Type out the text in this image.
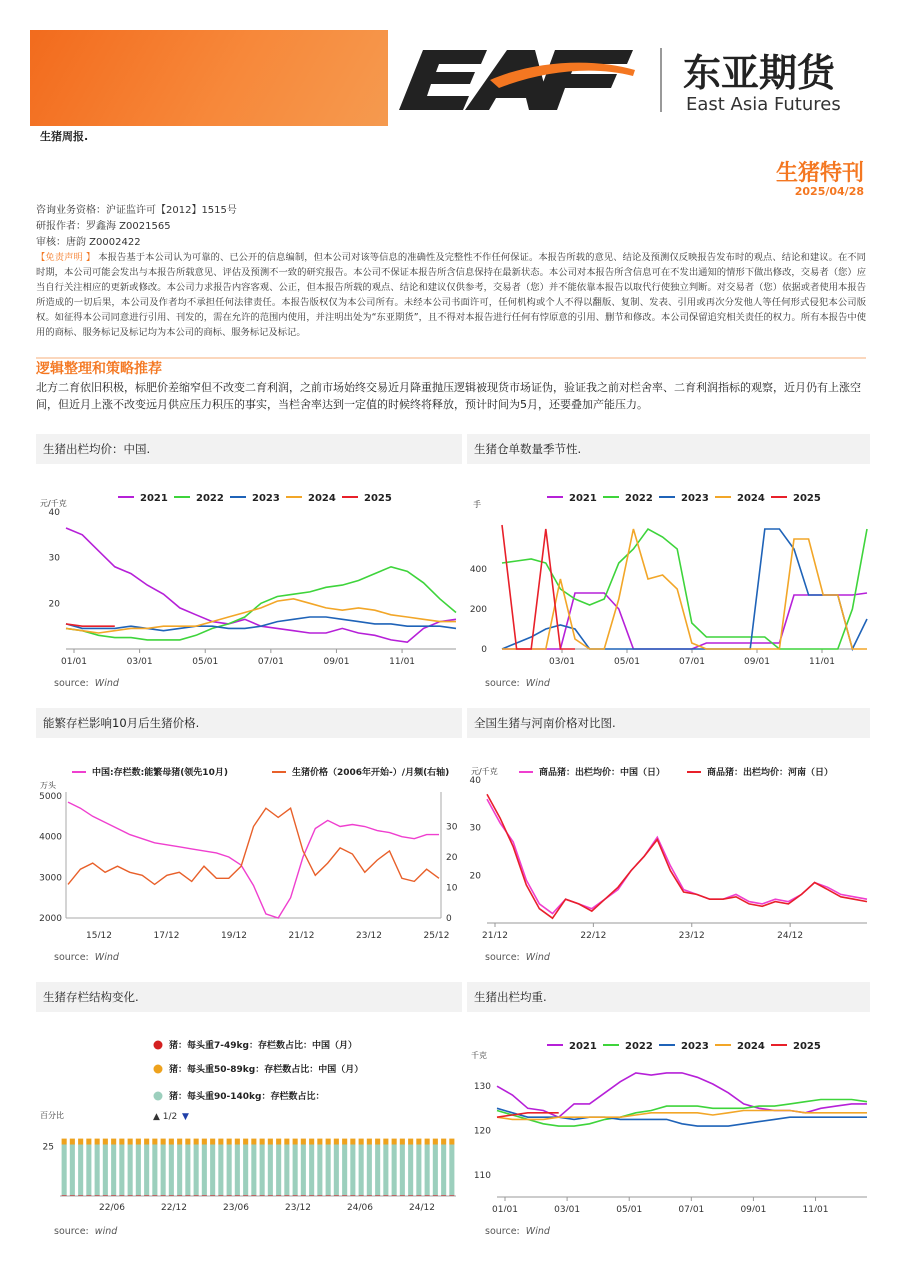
东亚期货
East Asia Futures
生猪周报.
生猪特刊
2025/04/28
咨询业务资格：沪证监许可【2012】1515号
研报作者：罗鑫海 Z0021565
审核：唐韵 Z0002422
【免责声明 】 本报告基于本公司认为可靠的、已公开的信息编制，但本公司对该等信息的准确性及完整性不作任何保证。本报告所载的意见、结论及预测仅反映报告发布时的观点、结论和建议。在不同时期，本公司可能会发出与本报告所载意见、评估及预测不一致的研究报告。本公司不保证本报告所含信息保持在最新状态。本公司对本报告所含信息可在不发出通知的情形下做出修改，交易者（您）应当自行关注相应的更新或修改。本公司力求报告内容客观、公正，但本报告所载的观点、结论和建议仅供参考，交易者（您）并不能依靠本报告以取代行使独立判断。对交易者（您）依据或者使用本报告所造成的一切后果，本公司及作者均不承担任何法律责任。本报告版权仅为本公司所有。未经本公司书面许可，任何机构或个人不得以翻版、复制、发表、引用或再次分发他人等任何形式侵犯本公司版权。如征得本公司同意进行引用、刊发的，需在允许的范围内使用，并注明出处为“东亚期货”，且不得对本报告进行任何有悖原意的引用、删节和修改。本公司保留追究相关责任的权力。所有本报告中使用的商标、服务标记及标记均为本公司的商标、服务标记及标记。
逻辑整理和策略推荐
北方二育依旧积极，标肥价差缩窄但不改变二育利润，之前市场始终交易近月降重抛压逻辑被现货市场证伪，验证我之前对栏舍率、二育利润指标的观察，近月仍有上涨空间，但近月上涨不改变远月供应压力积压的事实，当栏舍率达到一定值的时候终将释放，预计时间为5月，还要叠加产能压力。
生猪出栏均价：中国.
2021	2022	2023	2024	2025
元/千克
20
30
40
01/01	03/01	05/01	07/01	09/01	11/01
source:  Wind
生猪仓单数量季节性.
2021	2022	2023	2024	2025
手
0
200
400
03/01	05/01	07/01	09/01	11/01
source:  Wind
能繁存栏影响10月后生猪价格.
中国:存栏数:能繁母猪(领先10月)	生猪价格（2006年开始-）/月频(右轴)
万头
2000
3000
4000
5000
0
10
20
30
15/12	17/12	19/12	21/12	23/12	25/12
source:  Wind
全国生猪与河南价格对比图.
商品猪：出栏均价：中国（日）	商品猪：出栏均价：河南（日）
元/千克
20
30
40
21/12	22/12	23/12	24/12
source:  Wind
生猪存栏结构变化.
猪：每头重7-49kg：存栏数占比：中国（月）
猪：每头重50-89kg：存栏数占比：中国（月）
猪：每头重90-140kg：存栏数占比：
▲ 1/2 ▼
百分比
25
22/06	22/12	23/06	23/12	24/06	24/12
source:  wind
生猪出栏均重.
2021	2022	2023	2024	2025
千克
110
120
130
01/01	03/01	05/01	07/01	09/01	11/01
source:  Wind
